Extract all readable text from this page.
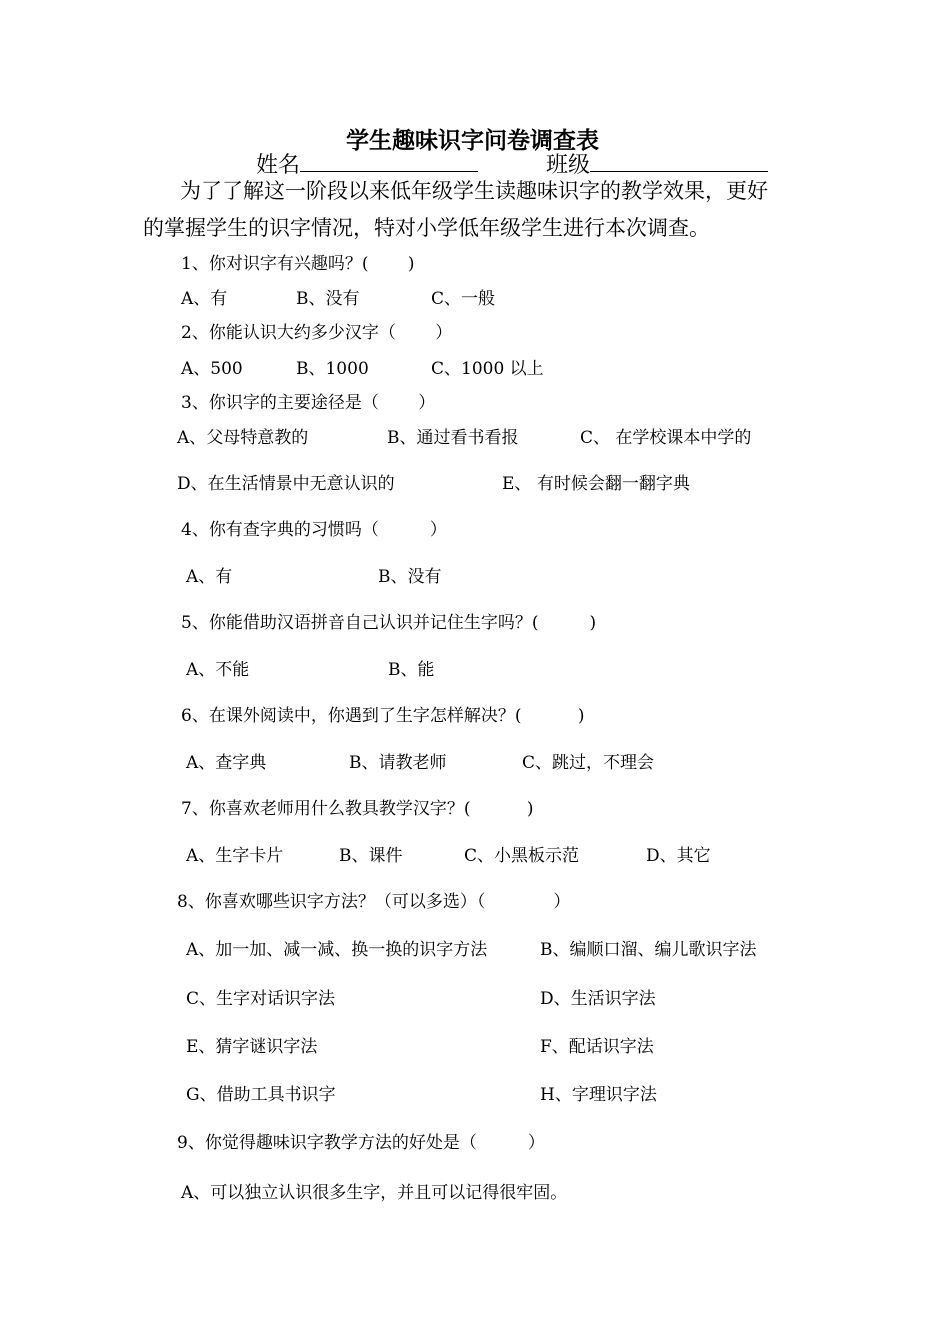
学生趣味识字问卷调查表
姓名	班级
为了了解这一阶段以来低年级学生读趣味识字的教学效果，更好
的掌握学生的识字情况，特对小学低年级学生进行本次调查。
1、你对识字有兴趣吗？(　　 )
A、有	B、没有	C、一般
2、你能认识大约多少汉字（　　 ）
A、500	B、1000	C、1000 以上
3、你识字的主要途径是（　　 ）
A、父母特意教的	B、通过看书看报	C、 在学校课本中学的
D、在生活情景中无意认识的	E、 有时候会翻一翻字典
4、你有查字典的习惯吗（　　　）
A、有	B、没有
5、你能借助汉语拼音自己认识并记住生字吗？(　　　)
A、不能	B、能
6、在课外阅读中，你遇到了生字怎样解决？(　　　 )
A、查字典	B、请教老师	C、跳过，不理会
7、你喜欢老师用什么教具教学汉字？(　　　 )
A、生字卡片	B、课件	C、小黑板示范	D、其它
8、你喜欢哪些识字方法？（可以多选）（　　　　）
A、加一加、减一减、换一换的识字方法	B、编顺口溜、编儿歌识字法
C、生字对话识字法	D、生活识字法
E、猜字谜识字法	F、配话识字法
G、借助工具书识字	H、字理识字法
9、你觉得趣味识字教学方法的好处是（　　　）
A、可以独立认识很多生字，并且可以记得很牢固。
